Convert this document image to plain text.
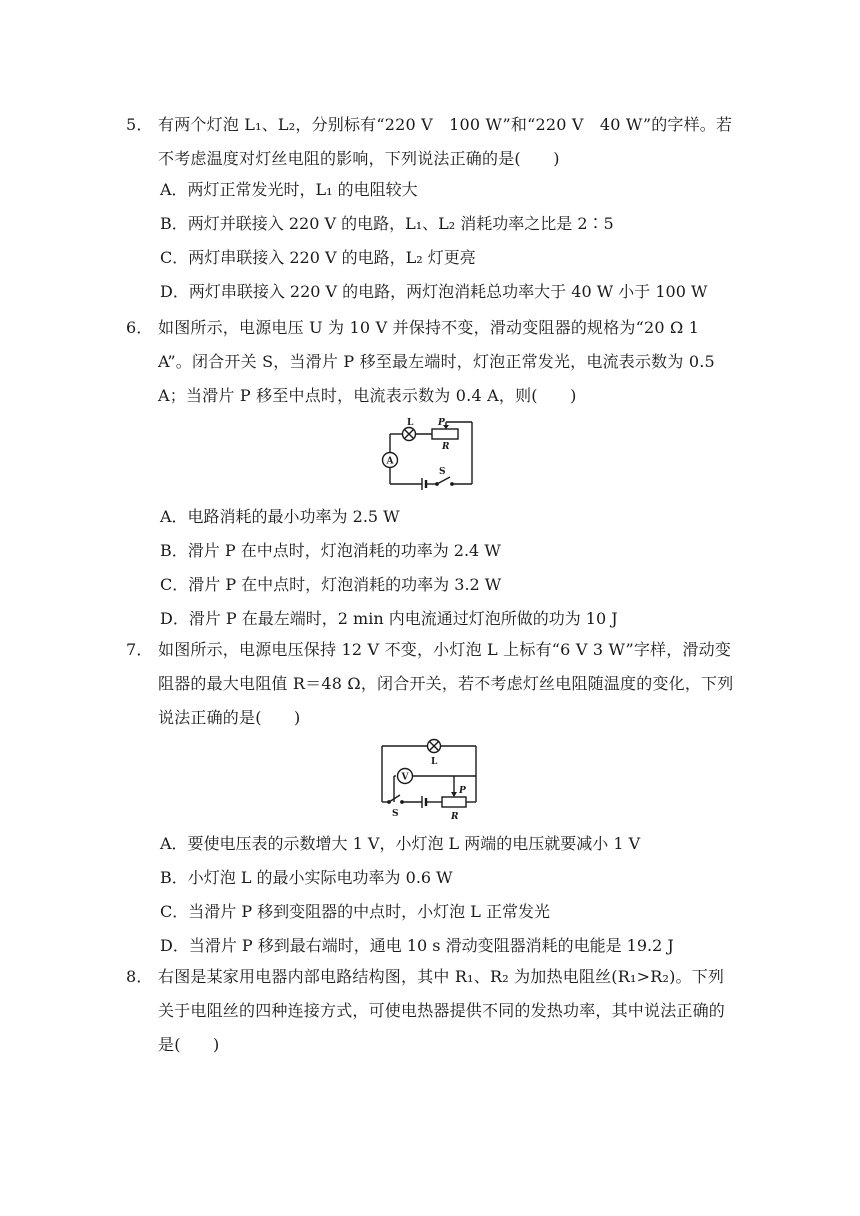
5． 有两个灯泡 L₁、L₂，分别标有“220 V　100 W”和“220 V　40 W”的字样。若不考虑温度对灯丝电阻的影响，下列说法正确的是(　　)
A．两灯正常发光时，L₁ 的电阻较大
B．两灯并联接入 220 V 的电路，L₁、L₂ 消耗功率之比是 2∶5
C．两灯串联接入 220 V 的电路，L₂ 灯更亮
D．两灯串联接入 220 V 的电路，两灯泡消耗总功率大于 40 W 小于 100 W
6． 如图所示，电源电压 U 为 10 V 并保持不变，滑动变阻器的规格为“20 Ω 1 A”。闭合开关 S，当滑片 P 移至最左端时，灯泡正常发光，电流表示数为 0.5 A；当滑片 P 移至中点时，电流表示数为 0.4 A，则(　　)
L	P
R
A
S
A．电路消耗的最小功率为 2.5 W
B．滑片 P 在中点时，灯泡消耗的功率为 2.4 W
C．滑片 P 在中点时，灯泡消耗的功率为 3.2 W
D．滑片 P 在最左端时，2 min 内电流通过灯泡所做的功为 10 J
7． 如图所示，电源电压保持 12 V 不变，小灯泡 L 上标有“6 V 3 W”字样，滑动变阻器的最大电阻值 R＝48 Ω，闭合开关，若不考虑灯丝电阻随温度的变化，下列说法正确的是(　　)
L
V
P
R
S
A．要使电压表的示数增大 1 V，小灯泡 L 两端的电压就要减小 1 V
B．小灯泡 L 的最小实际电功率为 0.6 W
C．当滑片 P 移到变阻器的中点时，小灯泡 L 正常发光
D．当滑片 P 移到最右端时，通电 10 s 滑动变阻器消耗的电能是 19.2 J
8． 右图是某家用电器内部电路结构图，其中 R₁、R₂ 为加热电阻丝(R₁>R₂)。下列关于电阻丝的四种连接方式，可使电热器提供不同的发热功率，其中说法正确的是(　　)
